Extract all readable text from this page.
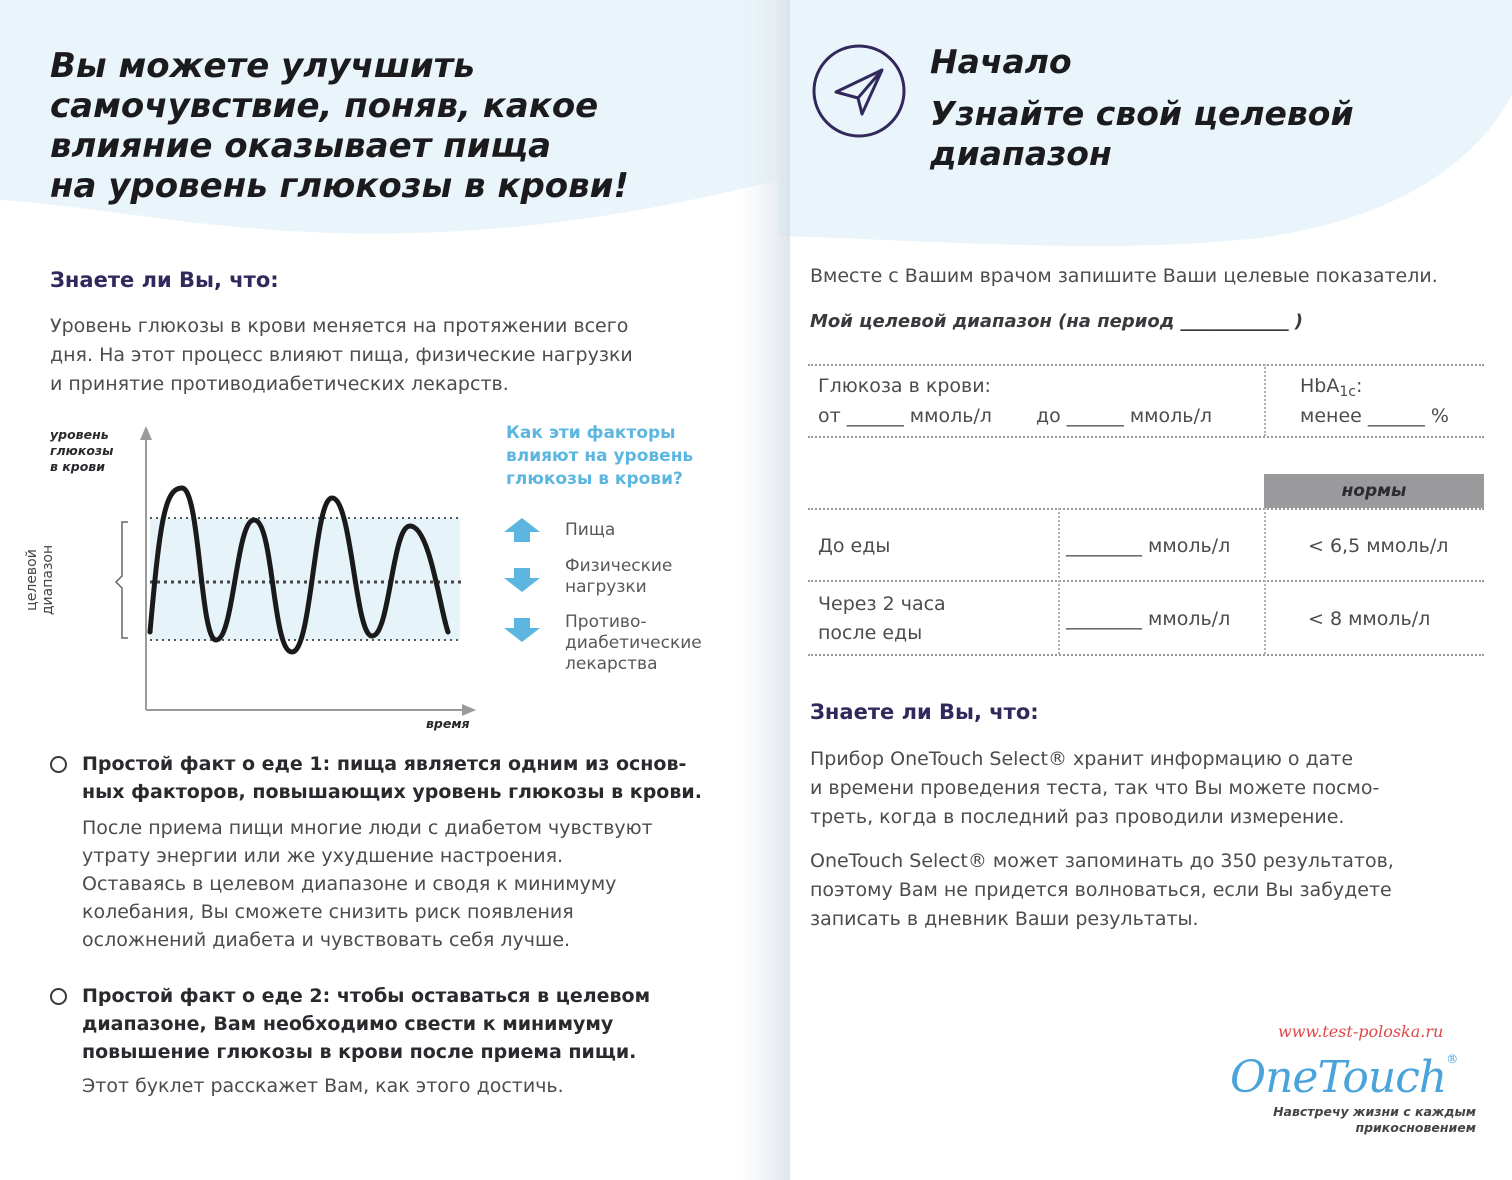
Вы можете улучшить
самочувствие, поняв, какое
влияние оказывает пища
на уровень глюкозы в крови!
Знаете ли Вы, что:
Уровень глюкозы в крови меняется на протяжении всего
дня. На этот процесс влияют пища, физические нагрузки
и принятие противодиабетических лекарств.
уровень
глюкозы
в крови
целевой диапазон
время
Как эти факторы
влияют на уровень
глюкозы в крови?
Пища
Физические
нагрузки
Противо-
диабетические
лекарства
Простой факт о еде 1: пища является одним из основ-
ных факторов, повышающих уровень глюкозы в крови.
После приема пищи многие люди с диабетом чувствуют
утрату энергии или же ухудшение настроения.
Оставаясь в целевом диапазоне и сводя к минимуму
колебания, Вы сможете снизить риск появления
осложнений диабета и чувствовать себя лучше.
Простой факт о еде 2: чтобы оставаться в целевом
диапазоне, Вам необходимо свести к минимуму
повышение глюкозы в крови после приема пищи.
Этот буклет расскажет Вам, как этого достичь.
Начало
Узнайте свой целевой
диапазон
Вместе с Вашим врачом запишите Ваши целевые показатели.
Мой целевой диапазон (на период ____________ )
Глюкоза в крови:
от ______ ммоль/л до ______ ммоль/л
HbA$_{1c}$:
менее ______ %
нормы
До еды	________ ммоль/л	< 6,5 ммоль/л
Через 2 часа
после еды
________ ммоль/л	< 8 ммоль/л
Знаете ли Вы, что:
Прибор OneTouch Select® хранит информацию о дате
и времени проведения теста, так что Вы можете посмо-
треть, когда в последний раз проводили измерение.
OneTouch Select® может запоминать до 350 результатов,
поэтому Вам не придется волноваться, если Вы забудете
записать в дневник Ваши результаты.
www.test-poloska.ru
OneTouch®
Навстречу жизни с каждым
прикосновением
